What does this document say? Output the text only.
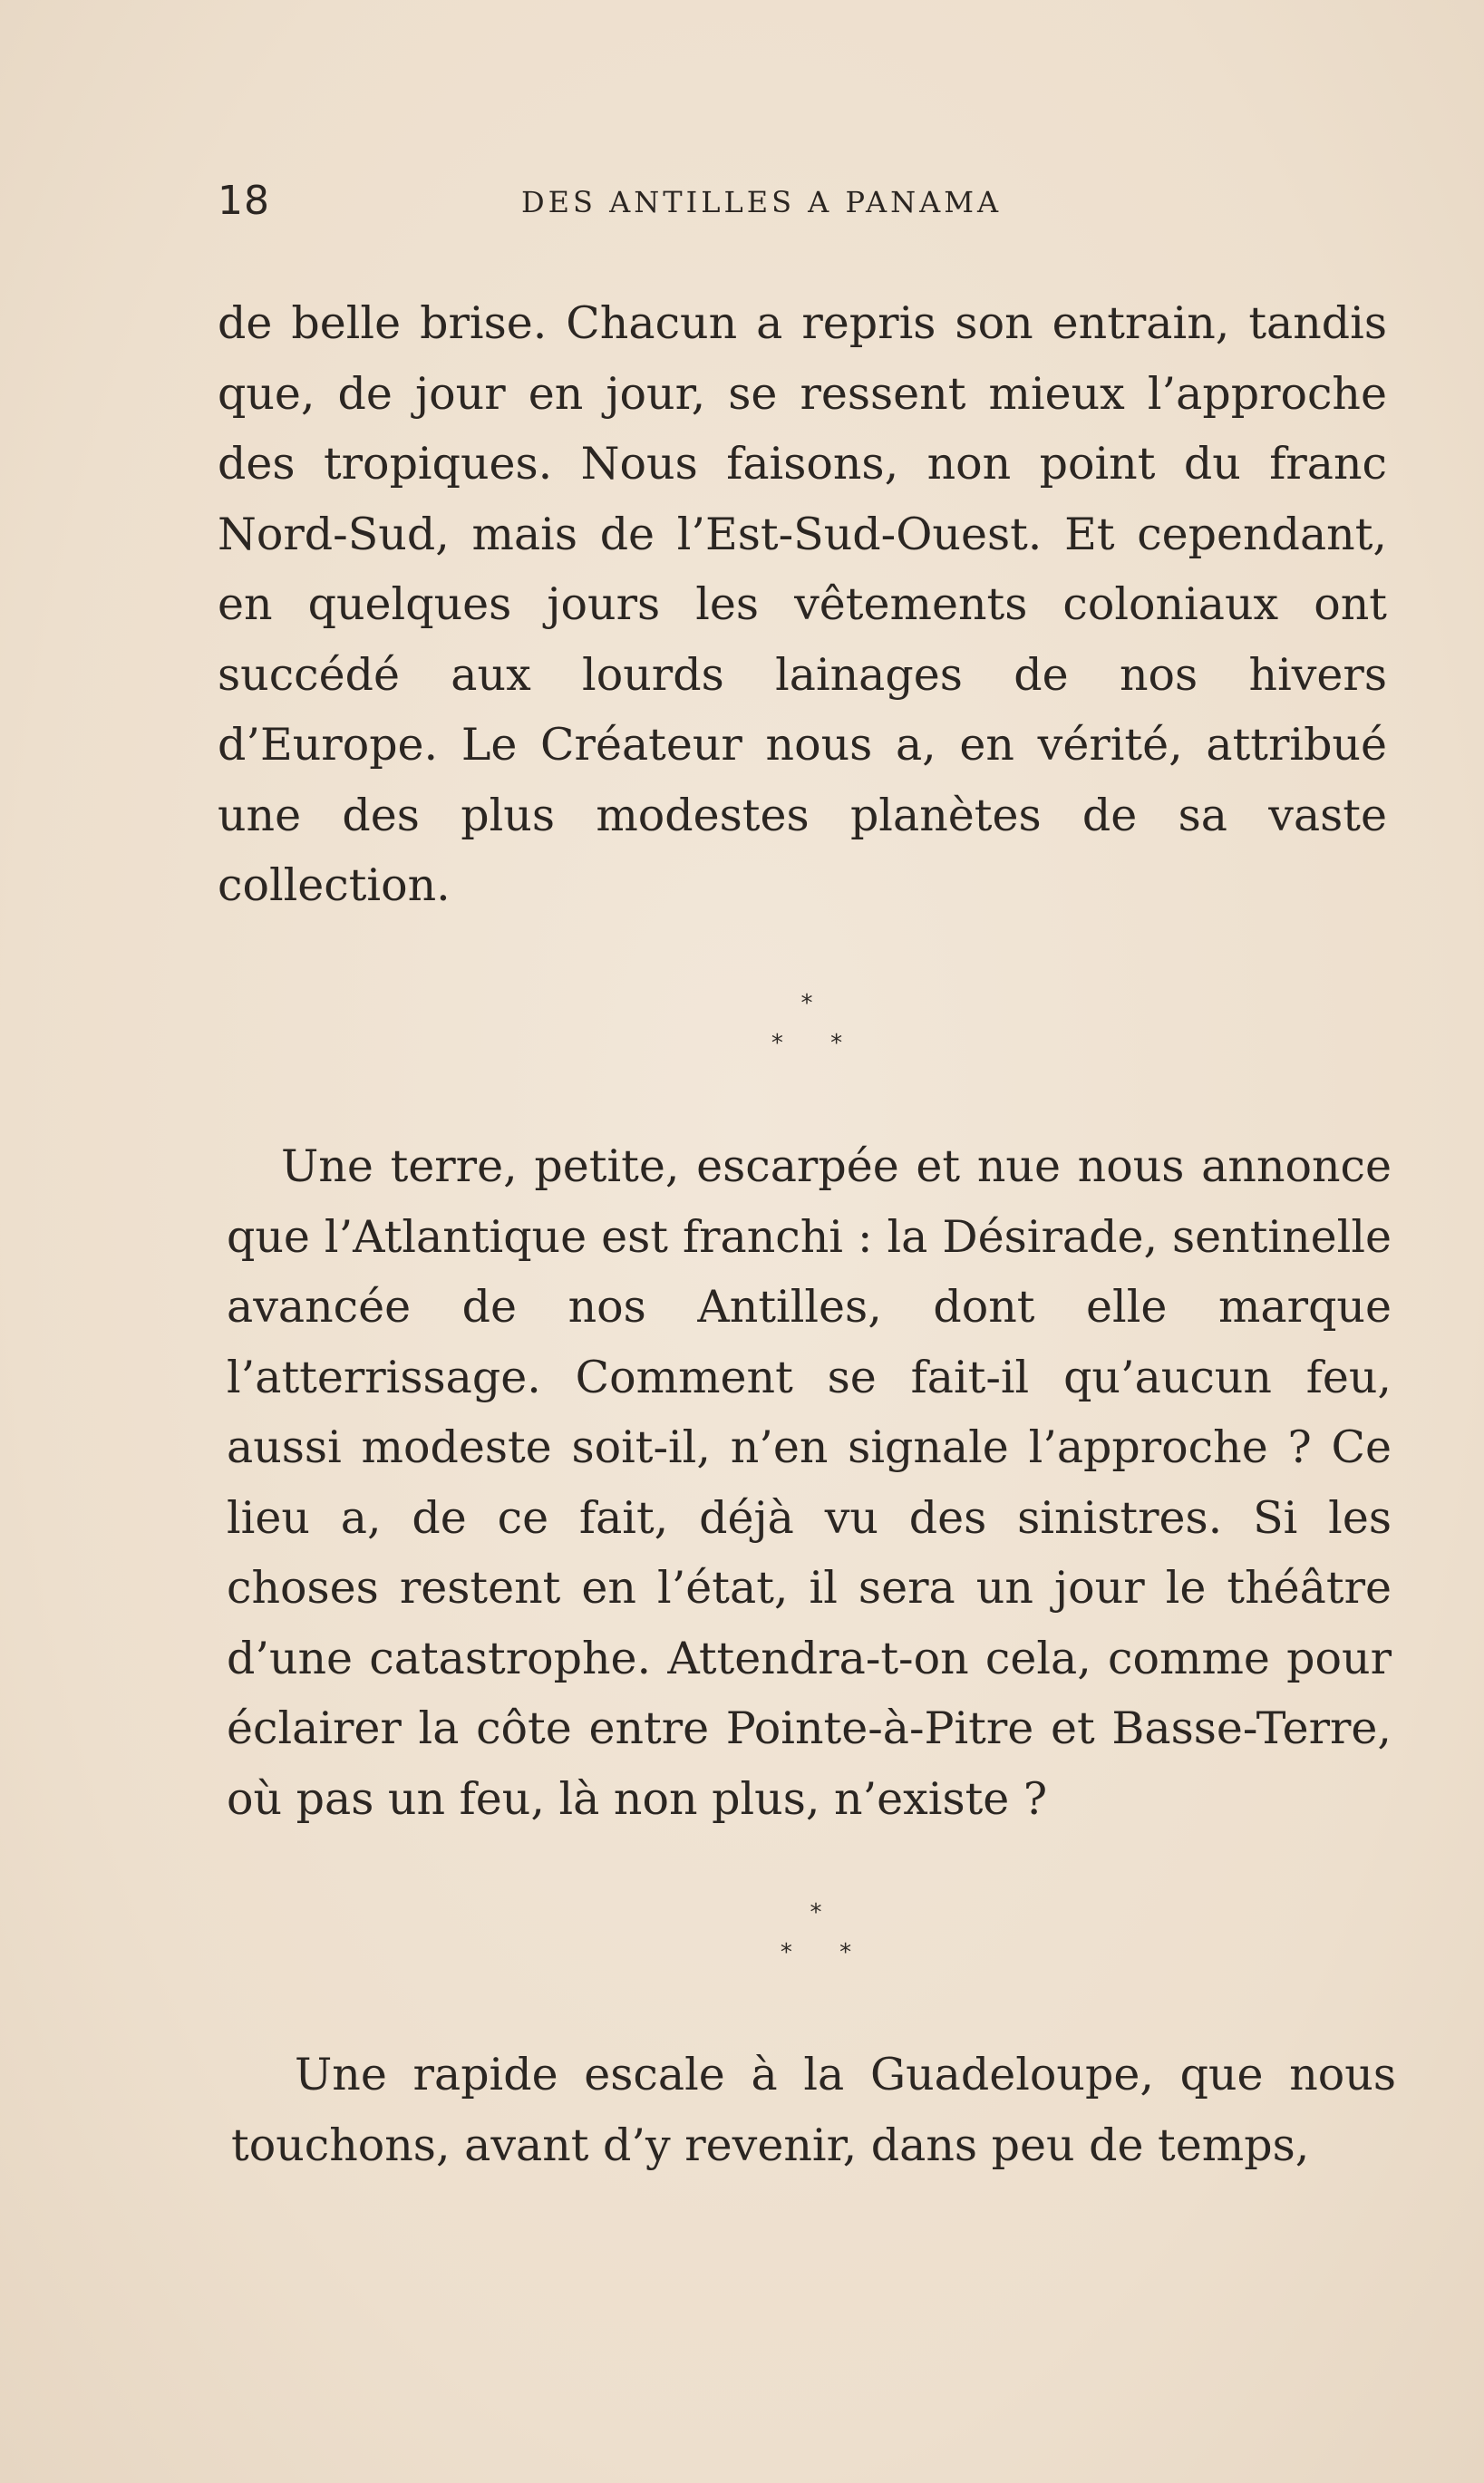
18	DES ANTILLES A PANAMA

de belle brise. Chacun a repris son entrain, tandis que, de jour en jour, se ressent mieux l’approche des tropiques. Nous faisons, non point du franc Nord-Sud, mais de l’Est-Sud-Ouest. Et cependant, en quelques jours les vêtements coloniaux ont succédé aux lourds lainages de nos hivers d’Europe. Le Créateur nous a, en vérité, attribué une des plus modestes planètes de sa vaste collection.

*
* *

Une terre, petite, escarpée et nue nous annonce que l’Atlantique est franchi : la Désirade, sentinelle avancée de nos Antilles, dont elle marque l’atterrissage. Comment se fait-il qu’aucun feu, aussi modeste soit-il, n’en signale l’approche ? Ce lieu a, de ce fait, déjà vu des sinistres. Si les choses restent en l’état, il sera un jour le théâtre d’une catastrophe. Attendra-t-on cela, comme pour éclairer la côte entre Pointe-à-Pitre et Basse-Terre, où pas un feu, là non plus, n’existe ?

*
* *

Une rapide escale à la Guadeloupe, que nous touchons, avant d’y revenir, dans peu de temps,
